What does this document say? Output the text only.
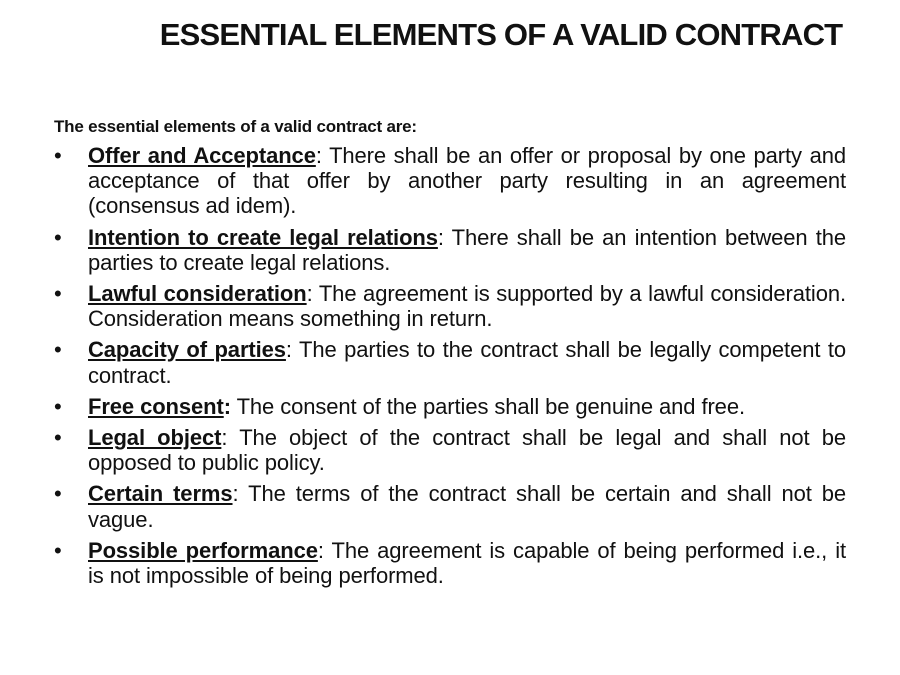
ESSENTIAL ELEMENTS OF A VALID CONTRACT
The essential elements of a valid contract are:
•	Offer and Acceptance: There shall be an offer or proposal by one party and acceptance of that offer by another party resulting in an agreement (consensus ad idem).
•	Intention to create legal relations: There shall be an intention between the parties to create legal relations.
•	Lawful consideration: The agreement is supported by a lawful consideration. Consideration means something in return.
•	Capacity of parties: The parties to the contract shall be legally competent to contract.
•	Free consent: The consent of the parties shall be genuine and free.
•	Legal object: The object of the contract shall be legal and shall not be opposed to public policy.
•	Certain terms: The terms of the contract shall be certain and shall not be vague.
•	Possible performance: The agreement is capable of being performed i.e., it is not impossible of being performed.
